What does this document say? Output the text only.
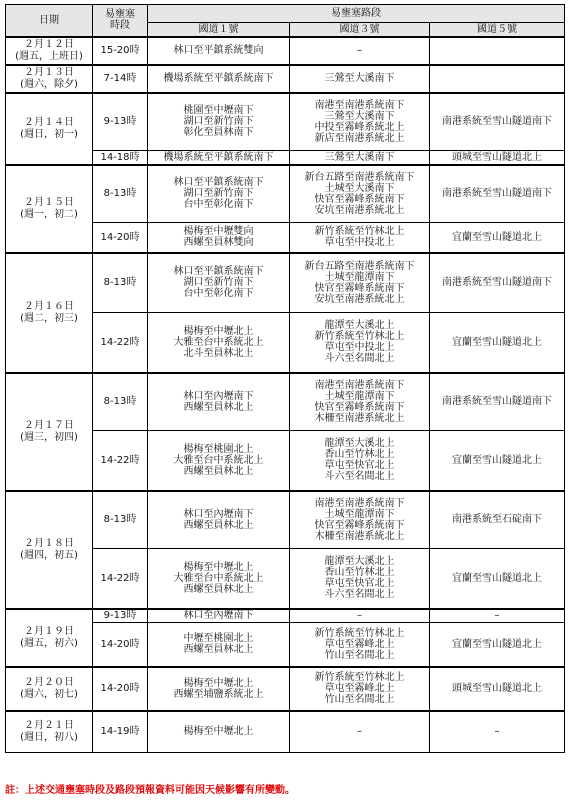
日期	易壅塞
時段	易壅塞路段		

		國道１號	國道３號	國道５號

２月１２日
(週五，上班日)	15-20時	林口至平鎮系統雙向	–	

２月１３日
(週六，除夕)	7-14時	機場系統至平鎮系統南下	三鶯至大溪南下	

２月１４日
(週日，初一)	9-13時	桃園至中壢南下
湖口至新竹南下
彰化至員林南下	南港至南港系統南下
三鶯至大溪南下
中投至霧峰系統北上
新店至南港系統北上	南港系統至雪山隧道南下

	14-18時	機場系統至平鎮系統南下	三鶯至大溪南下	頭城至雪山隧道北上

２月１５日
(週一，初二)	8-13時	林口至平鎮系統南下
湖口至新竹南下
台中至彰化南下	新台五路至南港系統南下
土城至大溪南下
快官至霧峰系統南下
安坑至南港系統北上	南港系統至雪山隧道南下

	14-20時	楊梅至中壢雙向
西螺至員林雙向	新竹系統至竹林北上
草屯至中投北上	宜蘭至雪山隧道北上

２月１６日
(週二，初三)	8-13時	林口至平鎮系統南下
湖口至新竹南下
台中至彰化南下	新台五路至南港系統南下
土城至龍潭南下
快官至霧峰系統南下
安坑至南港系統北上	南港系統至雪山隧道南下

	14-22時	楊梅至中壢北上
大雅至台中系統北上
北斗至員林北上	龍潭至大溪北上
新竹系統至竹林北上
草屯至中投北上
斗六至名間北上	宜蘭至雪山隧道北上

２月１７日
(週三，初四)	8-13時	林口至內壢南下
西螺至員林北上	南港至南港系統南下
土城至龍潭南下
快官至霧峰系統南下
木柵至南港系統北上	南港系統至雪山隧道南下

	14-22時	楊梅至桃園北上
大雅至台中系統北上
西螺至員林北上	龍潭至大溪北上
香山至竹林北上
草屯至快官北上
斗六至名間北上	宜蘭至雪山隧道北上

２月１８日
(週四，初五)	8-13時	林口至內壢南下
西螺至員林北上	南港至南港系統南下
土城至龍潭南下
快官至霧峰系統南下
木柵至南港系統北上	南港系統至石碇南下

	14-22時	楊梅至中壢北上
大雅至台中系統北上
西螺至員林北上	龍潭至大溪北上
香山至竹林北上
草屯至快官北上
斗六至名間北上	宜蘭至雪山隧道北上

２月１９日
(週五，初六)	9-13時	林口至內壢南下	–	–

	14-20時	中壢至桃園北上
西螺至員林北上	新竹系統至竹林北上
草屯至霧峰北上
竹山至名間北上	宜蘭至雪山隧道北上

２月２０日
(週六，初七)	14-20時	楊梅至中壢北上
西螺至埔鹽系統北上	新竹系統至竹林北上
草屯至霧峰北上
竹山至名間北上	頭城至雪山隧道北上

２月２１日
(週日，初八)	14-19時	楊梅至中壢北上	–	–
註：上述交通壅塞時段及路段預報資料可能因天候影響有所變動。
